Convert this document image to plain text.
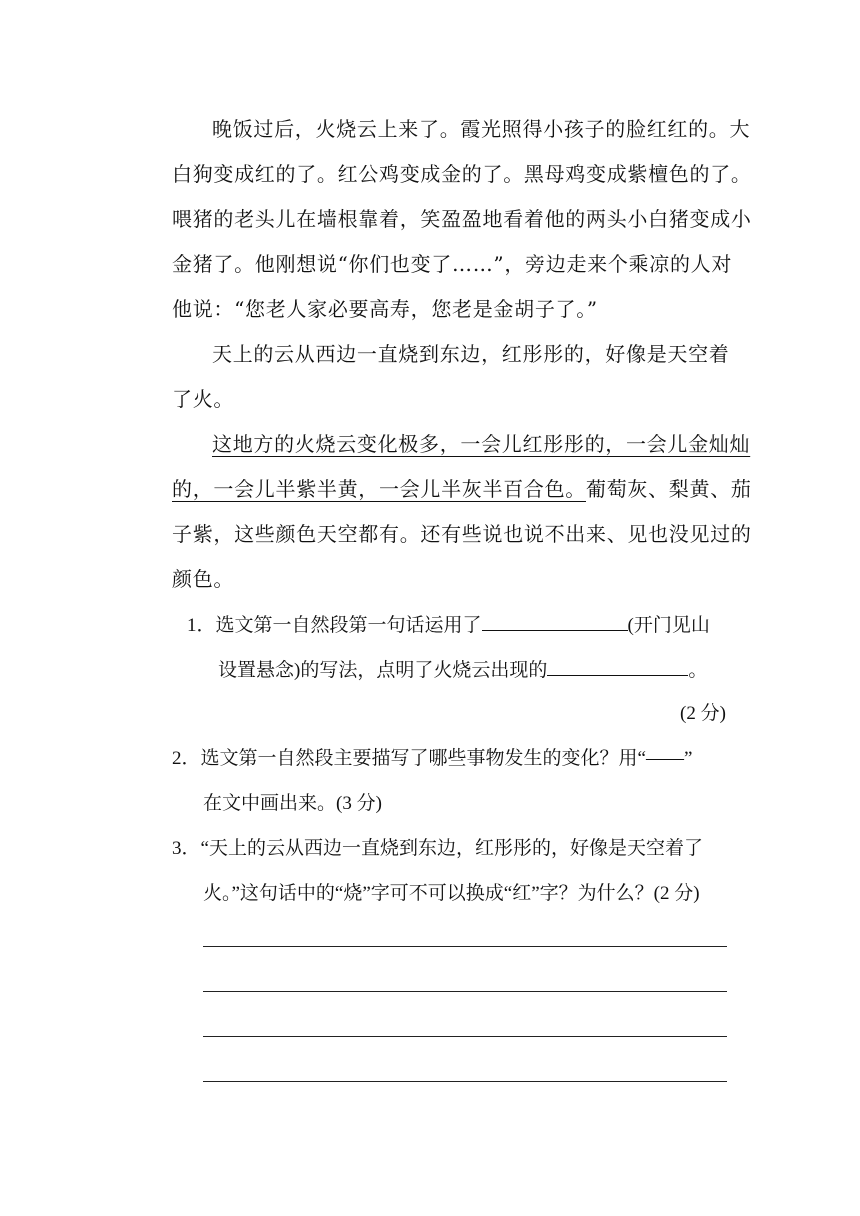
晚饭过后，火烧云上来了。霞光照得小孩子的脸红红的。大
白狗变成红的了。红公鸡变成金的了。黑母鸡变成紫檀色的了。
喂猪的老头儿在墙根靠着，笑盈盈地看着他的两头小白猪变成小
金猪了。他刚想说“你们也变了……”，旁边走来个乘凉的人对
他说：“您老人家必要高寿，您老是金胡子了。”
天上的云从西边一直烧到东边，红彤彤的，好像是天空着
了火。
这地方的火烧云变化极多，一会儿红彤彤的，一会儿金灿灿
的，一会儿半紫半黄，一会儿半灰半百合色。葡萄灰、梨黄、茄
子紫，这些颜色天空都有。还有些说也说不出来、见也没见过的
颜色。
1．选文第一自然段第一句话运用了	(开门见山
设置悬念)的写法，点明了火烧云出现的	。
(2 分)
2．选文第一自然段主要描写了哪些事物发生的变化？用“——”
在文中画出来。(3 分)
3．“天上的云从西边一直烧到东边，红彤彤的，好像是天空着了
火。”这句话中的“烧”字可不可以换成“红”字？为什么？(2 分)
